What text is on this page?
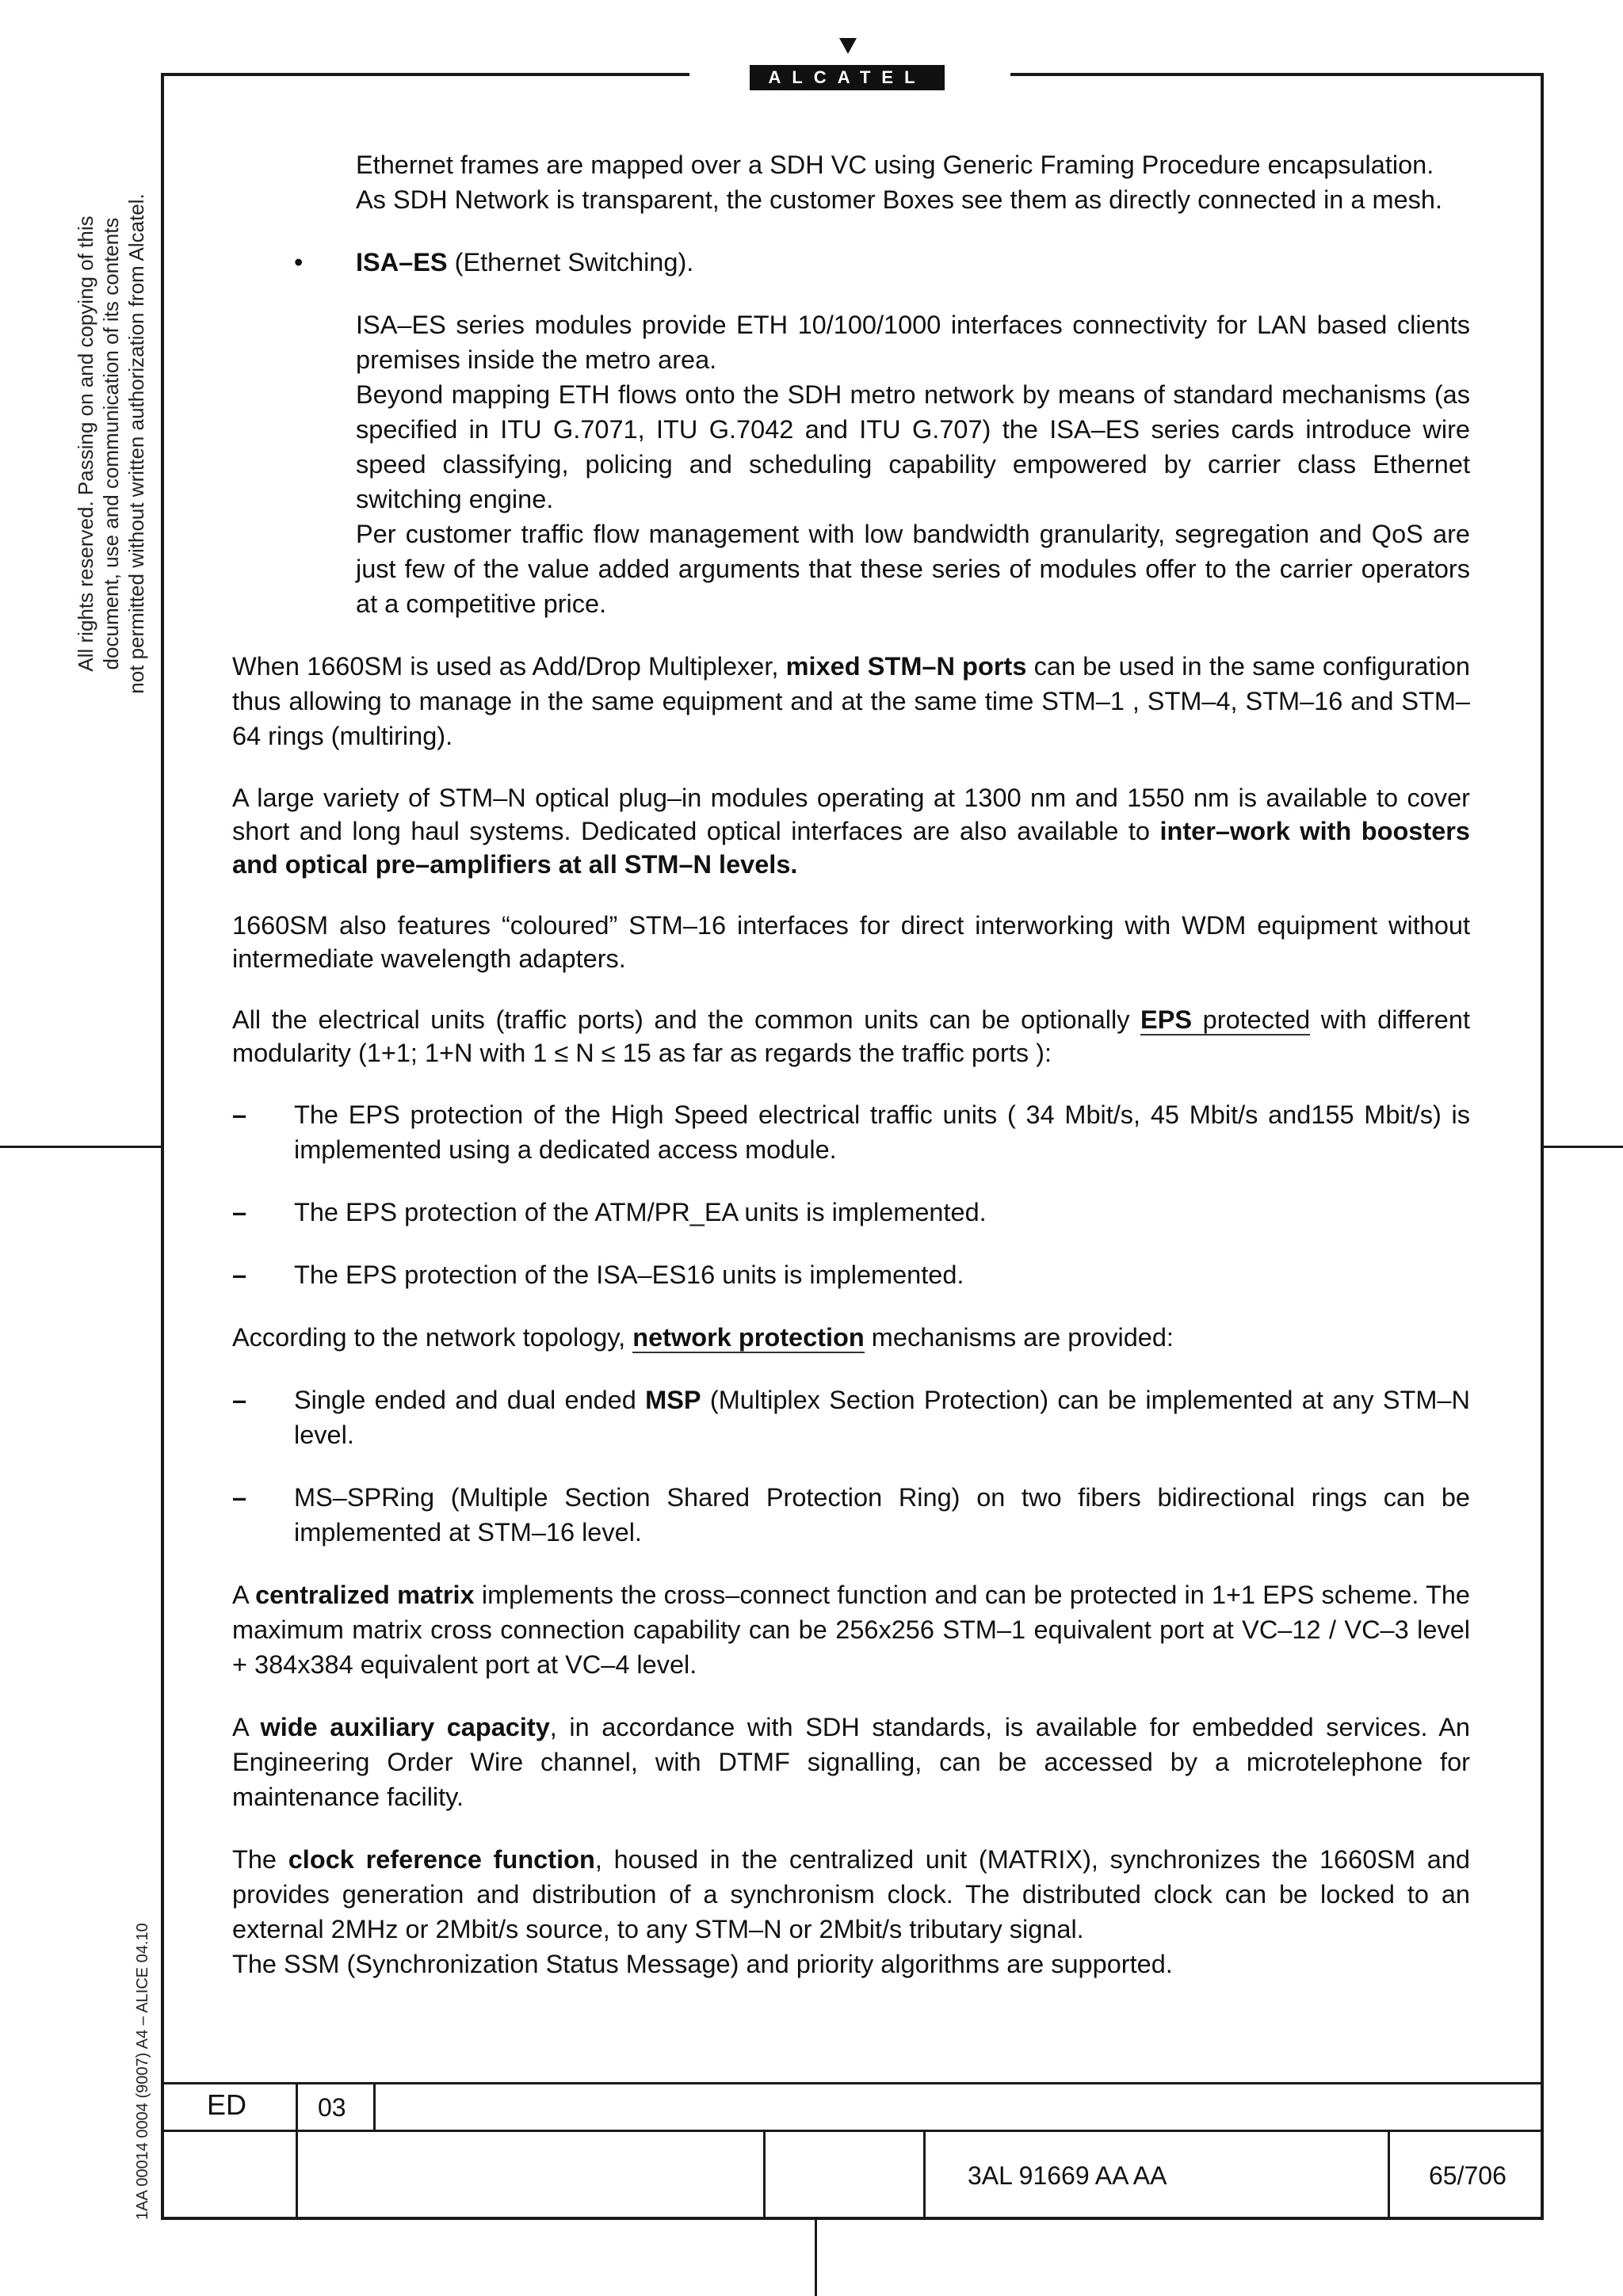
ALCATEL
All rights reserved. Passing on and copying of this document, use and communication of its contents not permitted without written authorization from Alcatel.
1AA 00014 0004 (9007) A4 – ALICE 04.10

Ethernet frames are mapped over a SDH VC using Generic Framing Procedure encapsulation.
As SDH Network is transparent, the customer Boxes see them as directly connected in a mesh.

• ISA–ES (Ethernet Switching).

ISA–ES series modules provide ETH 10/100/1000 interfaces connectivity for LAN based clients premises inside the metro area.
Beyond mapping ETH flows onto the SDH metro network by means of standard mechanisms (as specified in ITU G.7071, ITU G.7042 and ITU G.707) the ISA–ES series cards introduce wire speed classifying, policing and scheduling capability empowered by carrier class Ethernet switching engine.
Per customer traffic flow management with low bandwidth granularity, segregation and QoS are just few of the value added arguments that these series of modules offer to the carrier operators at a competitive price.

When 1660SM is used as Add/Drop Multiplexer, mixed STM–N ports can be used in the same configuration thus allowing to manage in the same equipment and at the same time STM–1 , STM–4, STM–16 and STM–64 rings (multiring).

A large variety of STM–N optical plug–in modules operating at 1300 nm and 1550 nm is available to cover short and long haul systems. Dedicated optical interfaces are also available to inter–work with boosters and optical pre–amplifiers at all STM–N levels.

1660SM also features “coloured” STM–16 interfaces for direct interworking with WDM equipment without intermediate wavelength adapters.

All the electrical units (traffic ports) and the common units can be optionally EPS protected with different modularity (1+1; 1+N with 1 ≤ N ≤ 15 as far as regards the traffic ports ):

– The EPS protection of the High Speed electrical traffic units ( 34 Mbit/s, 45 Mbit/s and155 Mbit/s) is implemented using a dedicated access module.

– The EPS protection of the ATM/PR_EA units is implemented.

– The EPS protection of the ISA–ES16 units is implemented.

According to the network topology, network protection mechanisms are provided:

– Single ended and dual ended MSP (Multiplex Section Protection) can be implemented at any STM–N level.

– MS–SPRing (Multiple Section Shared Protection Ring) on two fibers bidirectional rings can be implemented at STM–16 level.

A centralized matrix implements the cross–connect function and can be protected in 1+1 EPS scheme. The maximum matrix cross connection capability can be 256x256 STM–1 equivalent port at VC–12 / VC–3 level + 384x384 equivalent port at VC–4 level.

A wide auxiliary capacity, in accordance with SDH standards, is available for embedded services. An Engineering Order Wire channel, with DTMF signalling, can be accessed by a microtelephone for maintenance facility.

The clock reference function, housed in the centralized unit (MATRIX), synchronizes the 1660SM and provides generation and distribution of a synchronism clock. The distributed clock can be locked to an external 2MHz or 2Mbit/s source, to any STM–N or 2Mbit/s tributary signal.
The SSM (Synchronization Status Message) and priority algorithms are supported.

ED	03
3AL 91669 AA AA	65/706
